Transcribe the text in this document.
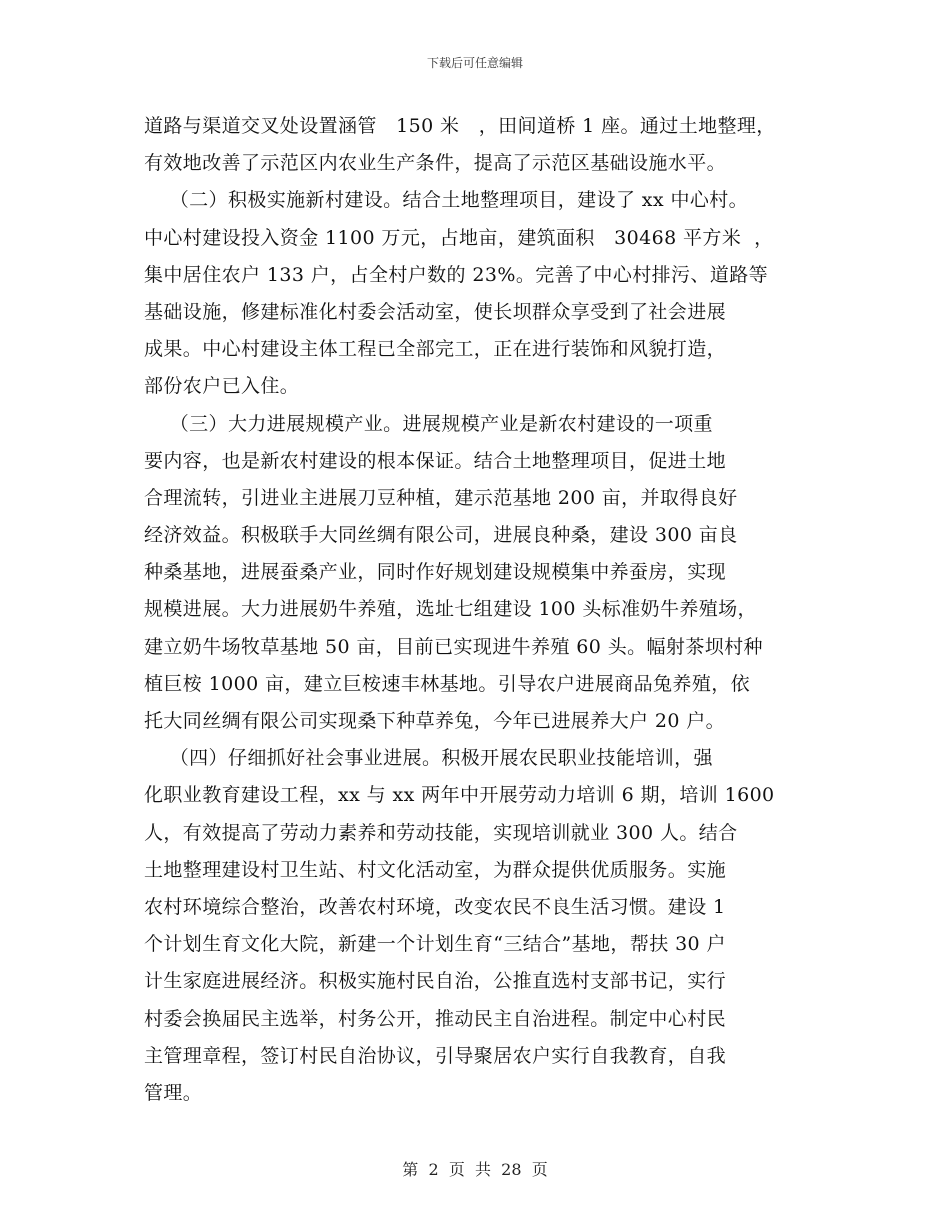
下载后可任意编辑
道路与渠道交叉处设置涵管   150 米   ，田间道桥 1 座。通过土地整理，
有效地改善了示范区内农业生产条件，提高了示范区基础设施水平。
（二）积极实施新村建设。结合土地整理项目，建设了 xx 中心村。
中心村建设投入资金 1100 万元，占地亩，建筑面积   30468 平方米  ，
集中居住农户 133 户，占全村户数的 23%。完善了中心村排污、道路等
基础设施，修建标准化村委会活动室，使长坝群众享受到了社会进展
成果。中心村建设主体工程已全部完工，正在进行装饰和风貌打造，
部份农户已入住。
（三）大力进展规模产业。进展规模产业是新农村建设的一项重
要内容，也是新农村建设的根本保证。结合土地整理项目，促进土地
合理流转，引进业主进展刀豆种植，建示范基地 200 亩，并取得良好
经济效益。积极联手大同丝绸有限公司，进展良种桑，建设 300 亩良
种桑基地，进展蚕桑产业，同时作好规划建设规模集中养蚕房，实现
规模进展。大力进展奶牛养殖，选址七组建设 100 头标准奶牛养殖场，
建立奶牛场牧草基地 50 亩，目前已实现进牛养殖 60 头。幅射茶坝村种
植巨桉 1000 亩，建立巨桉速丰林基地。引导农户进展商品兔养殖，依
托大同丝绸有限公司实现桑下种草养兔，今年已进展养大户 20 户。
（四）仔细抓好社会事业进展。积极开展农民职业技能培训，强
化职业教育建设工程，xx 与 xx 两年中开展劳动力培训 6 期，培训 1600
人，有效提高了劳动力素养和劳动技能，实现培训就业 300 人。结合
土地整理建设村卫生站、村文化活动室，为群众提供优质服务。实施
农村环境综合整治，改善农村环境，改变农民不良生活习惯。建设 1
个计划生育文化大院，新建一个计划生育“三结合”基地，帮扶 30 户
计生家庭进展经济。积极实施村民自治，公推直选村支部书记，实行
村委会换届民主选举，村务公开，推动民主自治进程。制定中心村民
主管理章程，签订村民自治协议，引导聚居农户实行自我教育，自我
管理。
第  2  页  共  28  页
